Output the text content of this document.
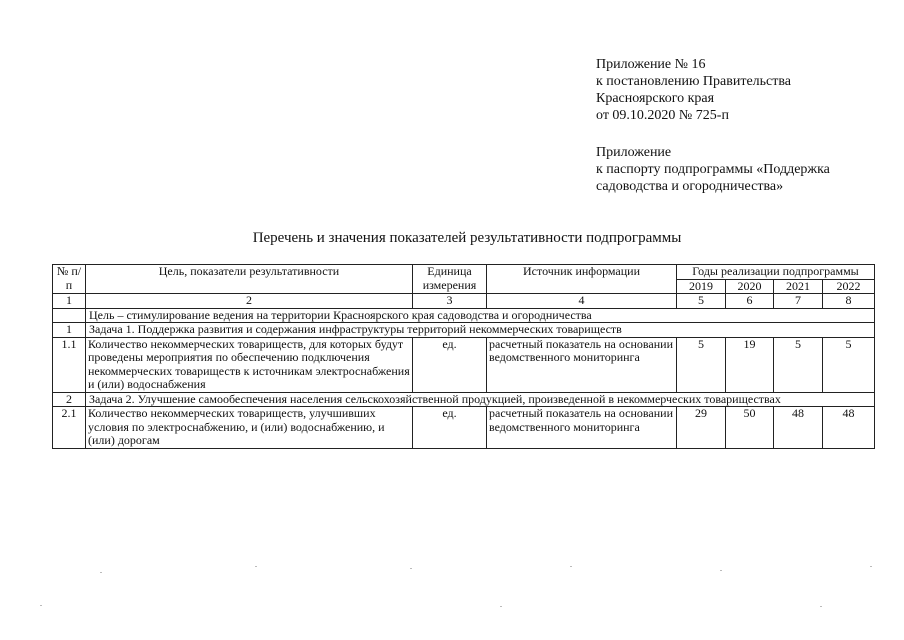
Приложение № 16
к постановлению Правительства
Красноярского края
от 09.10.2020 № 725-п
Приложение
к паспорту подпрограммы «Поддержка
садоводства и огородничества»
Перечень и значения показателей результативности подпрограммы
№ п/п	Цель, показатели результативности	Единица измерения	Источник информации	Годы реализации подпрограммы			
				2019	2020	2021	2022
1	2	3	4	5	6	7	8
	Цель – стимулирование ведения на территории Красноярского края садоводства и огородничества						
1	Задача 1. Поддержка развития и содержания инфраструктуры территорий некоммерческих товариществ						
1.1	Количество некоммерческих товариществ, для которых будут проведены мероприятия по обеспечению подключения некоммерческих товариществ к источникам электроснабжения и (или) водоснабжения	ед.	расчетный показатель на основании ведомственного мониторинга	5	19	5	5
2	Задача 2. Улучшение самообеспечения населения сельскохозяйственной продукцией, произведенной в некоммерческих товариществах						
2.1	Количество некоммерческих товариществ, улучшивших условия по электроснабжению, и (или) водоснабжению, и (или) дорогам	ед.	расчетный показатель на основании ведомственного мониторинга	29	50	48	48
